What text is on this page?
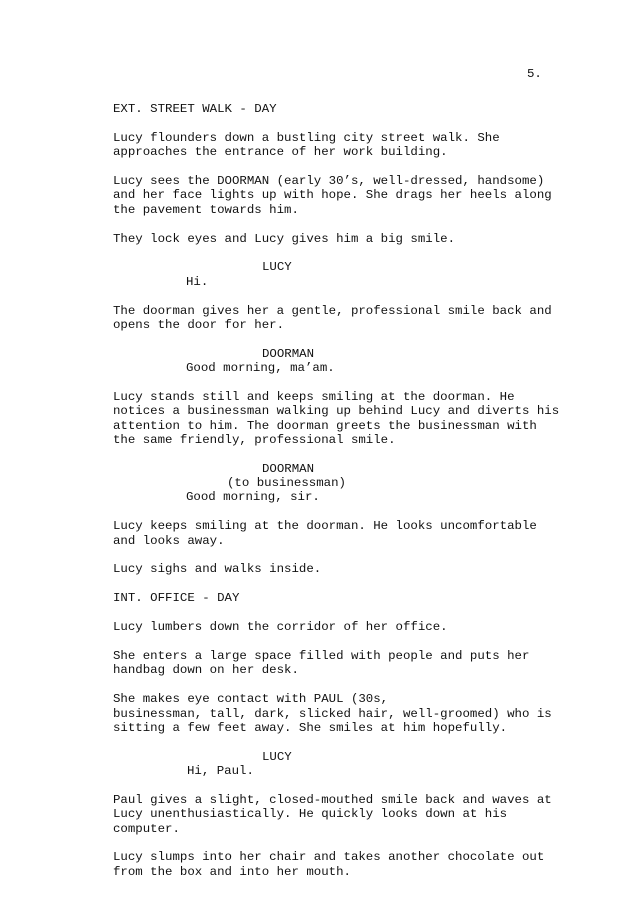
5.
EXT. STREET WALK - DAY
Lucy flounders down a bustling city street walk. She
approaches the entrance of her work building.
Lucy sees the DOORMAN (early 30’s, well-dressed, handsome)
and her face lights up with hope. She drags her heels along
the pavement towards him.
They lock eyes and Lucy gives him a big smile.
LUCY
Hi.
The doorman gives her a gentle, professional smile back and
opens the door for her.
DOORMAN
Good morning, ma’am.
Lucy stands still and keeps smiling at the doorman. He
notices a businessman walking up behind Lucy and diverts his
attention to him. The doorman greets the businessman with
the same friendly, professional smile.
DOORMAN
(to businessman)
Good morning, sir.
Lucy keeps smiling at the doorman. He looks uncomfortable
and looks away.
Lucy sighs and walks inside.
INT. OFFICE - DAY
Lucy lumbers down the corridor of her office.
She enters a large space filled with people and puts her
handbag down on her desk.
She makes eye contact with PAUL (30s,
businessman, tall, dark, slicked hair, well-groomed) who is
sitting a few feet away. She smiles at him hopefully.
LUCY
Hi, Paul.
Paul gives a slight, closed-mouthed smile back and waves at
Lucy unenthusiastically. He quickly looks down at his
computer.
Lucy slumps into her chair and takes another chocolate out
from the box and into her mouth.
